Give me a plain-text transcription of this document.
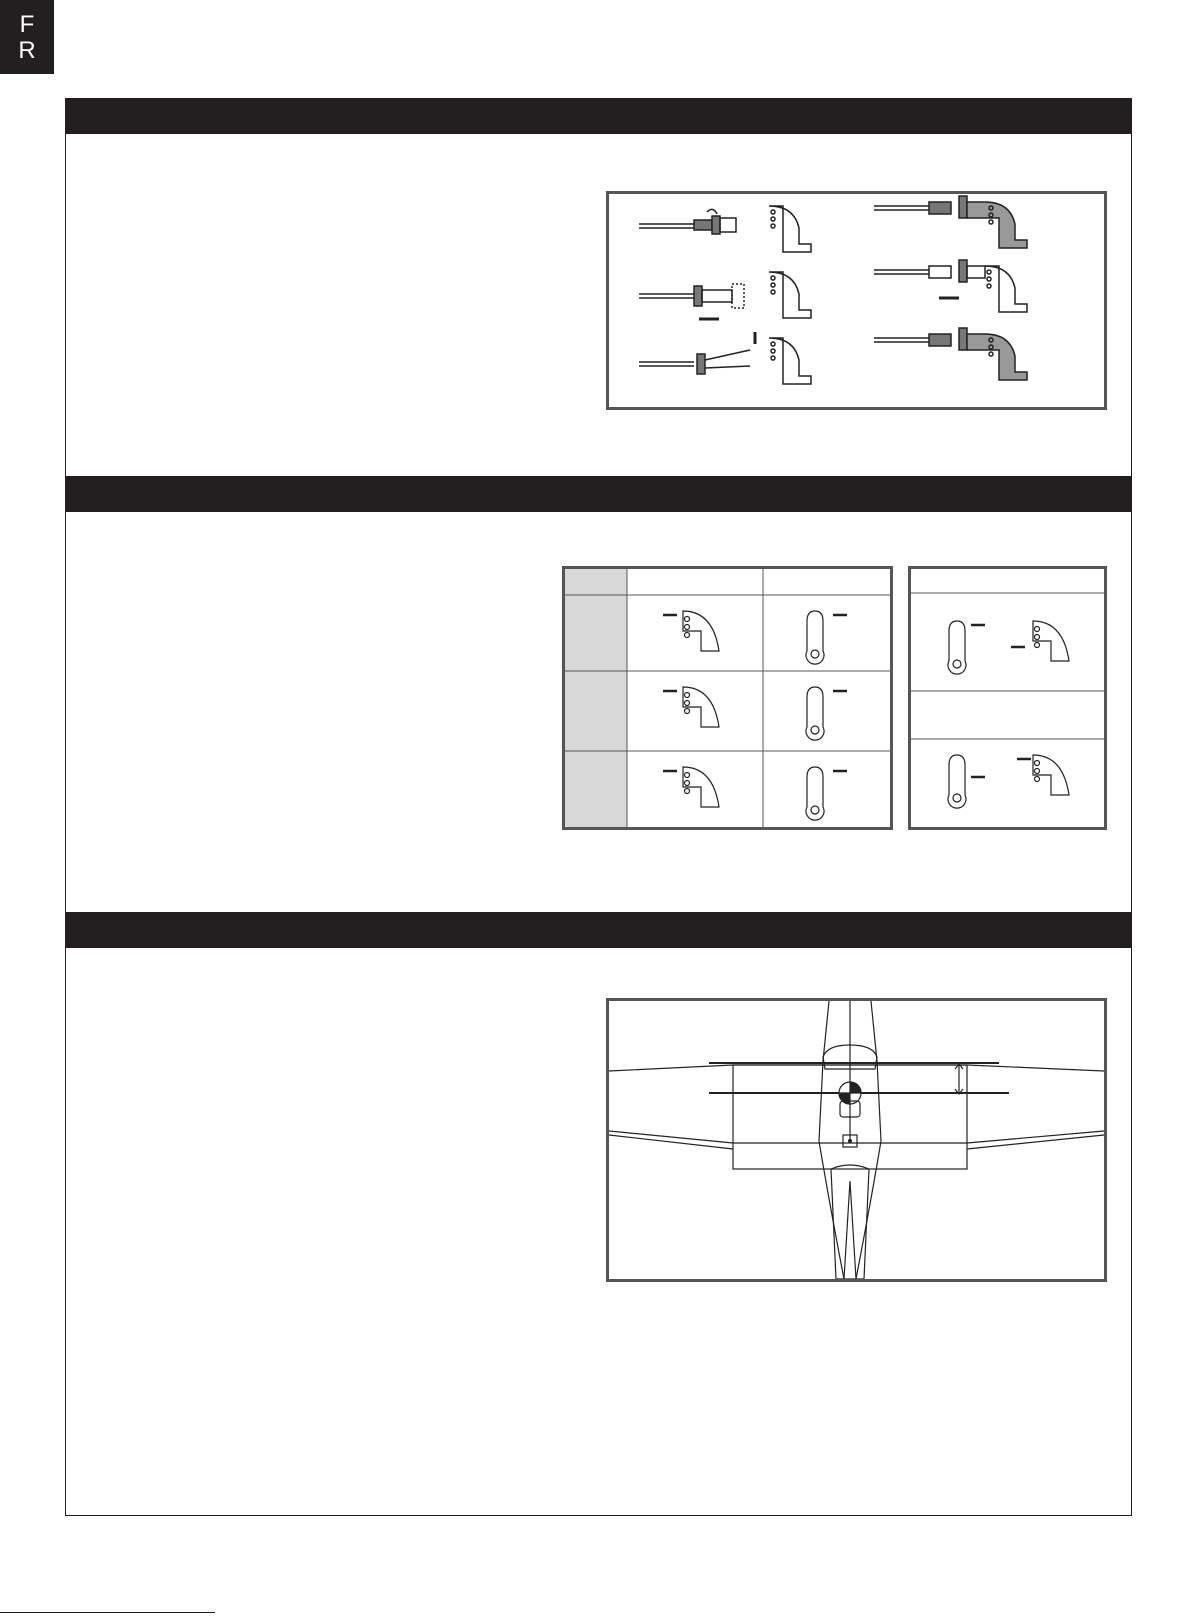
F
R
